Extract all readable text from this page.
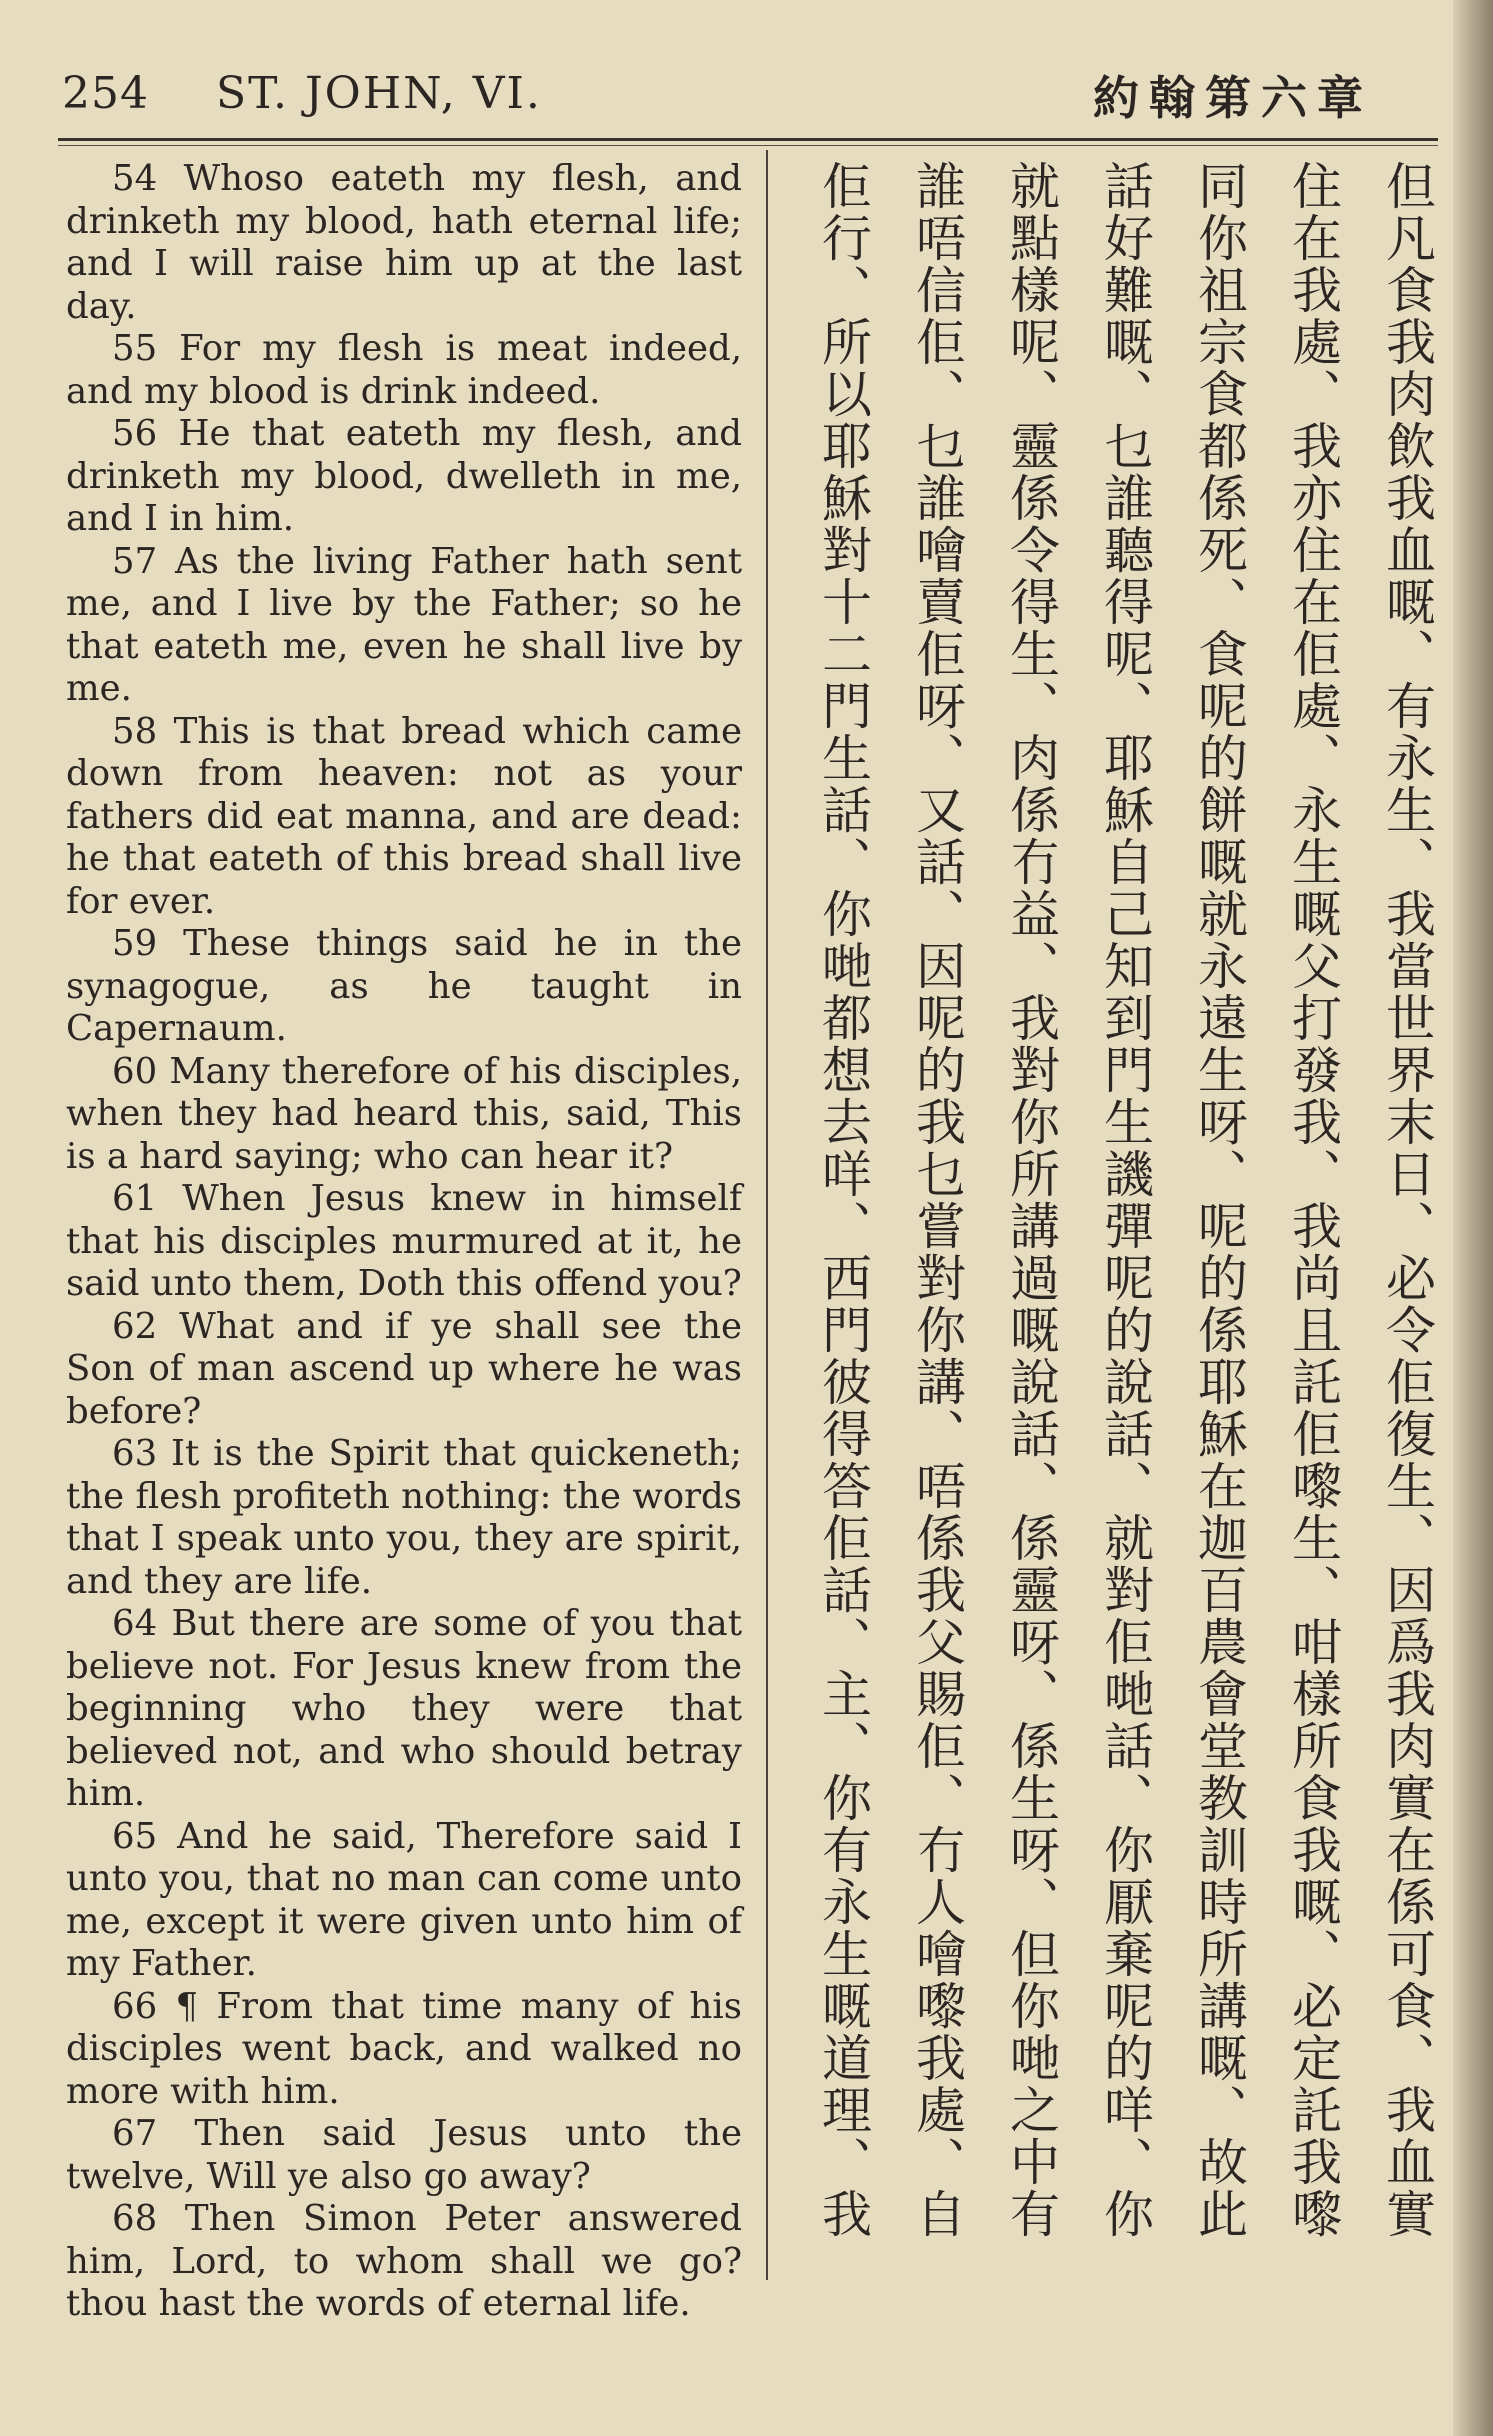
254 ST. JOHN, VI.	約翰第六章

54 Whoso eateth my flesh, and drinketh my blood, hath eternal life; and I will raise him up at the last day.

55 For my flesh is meat indeed, and my blood is drink indeed.

56 He that eateth my flesh, and drinketh my blood, dwelleth in me, and I in him.

57 As the living Father hath sent me, and I live by the Father; so he that eateth me, even he shall live by me.

58 This is that bread which came down from heaven: not as your fathers did eat manna, and are dead: he that eateth of this bread shall live for ever.

59 These things said he in the synagogue, as he taught in Capernaum.

60 Many therefore of his disciples, when they had heard this, said, This is a hard saying; who can hear it?

61 When Jesus knew in himself that his disciples murmured at it, he said unto them, Doth this offend you?

62 What and if ye shall see the Son of man ascend up where he was before?

63 It is the Spirit that quickeneth; the flesh profiteth nothing: the words that I speak unto you, they are spirit, and they are life.

64 But there are some of you that believe not. For Jesus knew from the beginning who they were that believed not, and who should betray him.

65 And he said, Therefore said I unto you, that no man can come unto me, except it were given unto him of my Father.

66 ¶ From that time many of his disciples went back, and walked no more with him.

67 Then said Jesus unto the twelve, Will ye also go away?

68 Then Simon Peter answered him, Lord, to whom shall we go? thou hast the words of eternal life.

但凡食我肉飲我血嘅、有永生、我當世界末日、必令佢復生、因爲我肉實在係可食、我血實
住在我處、我亦住在佢處、永生嘅父打發我、我尚且託佢嚟生、咁樣所食我嘅、必定託我嚟
同你祖宗食都係死、食呢的餅嘅就永遠生呀、呢的係耶穌在迦百農會堂教訓時所講嘅、故此
話好難嘅、乜誰聽得呢、耶穌自己知到門生譏彈呢的說話、就對佢哋話、你厭棄呢的咩、你
就點樣呢、靈係令得生、肉係冇益、我對你所講過嘅說話、係靈呀、係生呀、但你哋之中有
誰唔信佢、乜誰噲賣佢呀、又話、因呢的我乜嘗對你講、唔係我父賜佢、冇人噲嚟我處、自
佢行、所以耶穌對十二門生話、你哋都想去咩、西門彼得答佢話、主、你有永生嘅道理、我
